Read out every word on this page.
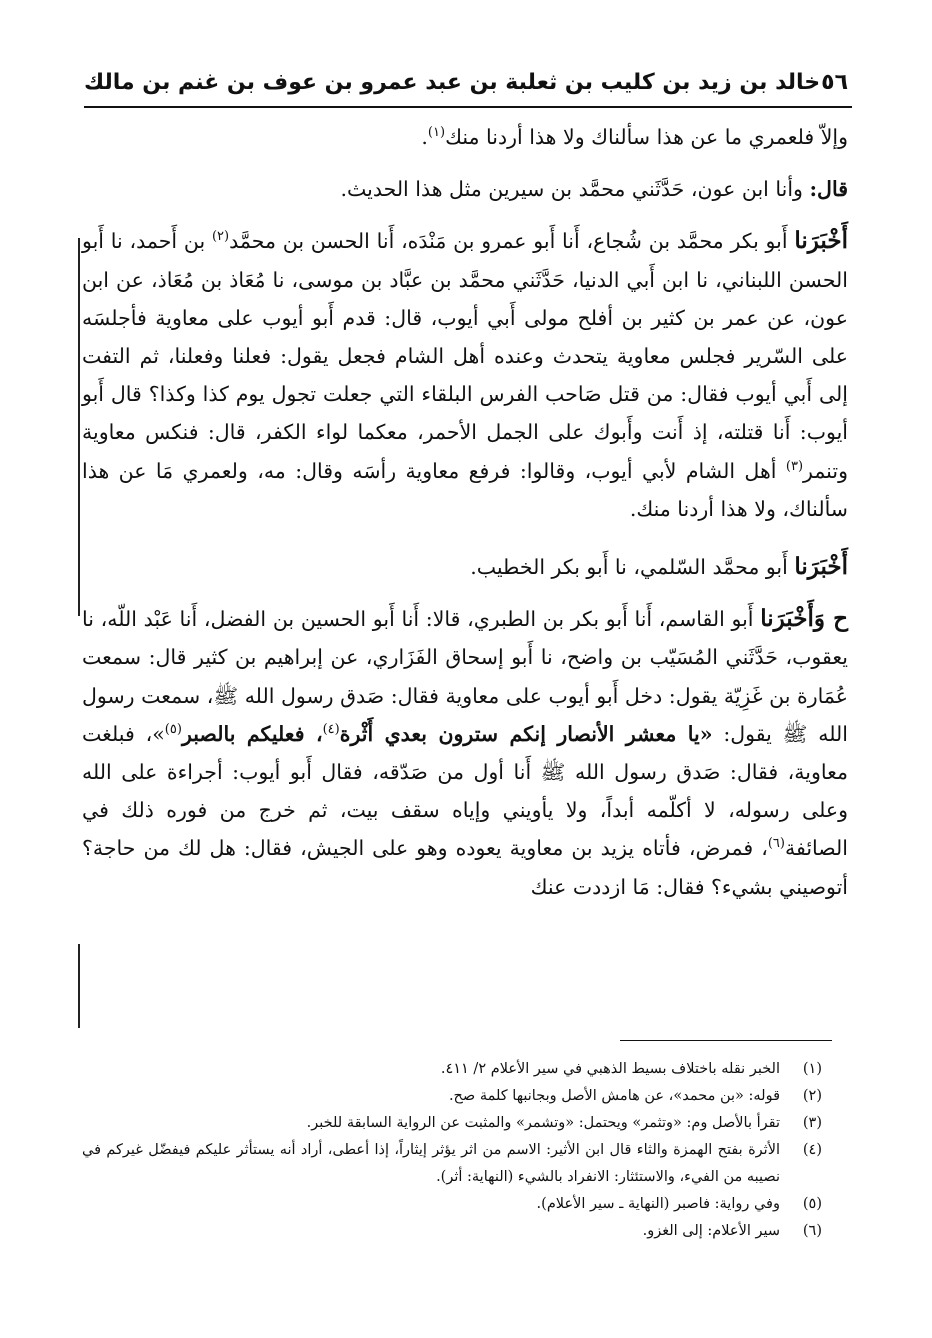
٥٦
خالد بن زيد بن كليب بن ثعلبة بن عبد عمرو بن عوف بن غنم بن مالك

وإلاّ فلعمري ما عن هذا سألناك ولا هذا أردنا منك$^{(١)}$.

قال: وأنا ابن عون، حَدَّثَني محمَّد بن سيرين مثل هذا الحديث.

أَخْبَرَنا أَبو بكر محمَّد بن شُجاع، أَنا أَبو عمرو بن مَنْدَه، أَنا الحسن بن محمَّد$^{(٢)}$ بن أَحمد، نا أَبو الحسن اللبناني، نا ابن أَبي الدنيا، حَدَّثَني محمَّد بن عبَّاد بن موسى، نا مُعَاذ بن مُعَاذ، عن ابن عون، عن عمر بن كثير بن أفلح مولى أَبي أيوب، قال: قدم أَبو أيوب على معاوية فأجلسَه على السّرير فجلس معاوية يتحدث وعنده أهل الشام فجعل يقول: فعلنا وفعلنا، ثم التفت إلى أَبي أيوب فقال: من قتل صَاحب الفرس البلقاء التي جعلت تجول يوم كذا وكذا؟ قال أَبو أيوب: أَنا قتلته، إذ أَنت وأَبوك على الجمل الأحمر، معكما لواء الكفر، قال: فنكس معاوية وتنمر$^{(٣)}$ أهل الشام لأبي أيوب، وقالوا: فرفع معاوية رأسَه وقال: مه، ولعمري مَا عن هذا سألناك، ولا هذا أردنا منك.

أَخْبَرَنا أَبو محمَّد السّلمي، نا أَبو بكر الخطيب.

ح وَأَخْبَرَنا أَبو القاسم، أَنا أَبو بكر بن الطبري، قالا: أَنا أَبو الحسين بن الفضل، أَنا عَبْد اللّه، نا يعقوب، حَدَّثَني المُسَيّب بن واضح، نا أَبو إسحاق الفَزَاري، عن إبراهيم بن كثير قال: سمعت عُمَارة بن غَزِيّة يقول: دخل أَبو أيوب على معاوية فقال: صَدق رسول الله ﷺ، سمعت رسول الله ﷺ يقول: «يا معشر الأنصار إنكم سترون بعدي أَثْرة$^{(٤)}$، فعليكم بالصبر$^{(٥)}$»، فبلغت معاوية، فقال: صَدق رسول الله ﷺ أَنا أول من صَدّقه، فقال أَبو أيوب: أجراءة على الله وعلى رسوله، لا أكلّمه أبداً، ولا يأويني وإياه سقف بيت، ثم خرج من فوره ذلك في الصائفة$^{(٦)}$، فمرض، فأتاه يزيد بن معاوية يعوده وهو على الجيش، فقال: هل لك من حاجة؟ أتوصيني بشيء؟ فقال: مَا ازددت عنك

(١)
الخبر نقله باختلاف بسيط الذهبي في سير الأعلام ٢/ ٤١١.
(٢)
قوله: «بن محمد»، عن هامش الأصل وبجانبها كلمة صح.
(٣)
تقرأ بالأصل وم: «وتثمر» ويحتمل: «وتشمر» والمثبت عن الرواية السابقة للخبر.
(٤)
الأثرة بفتح الهمزة والثاء قال ابن الأثير: الاسم من اثر يؤثر إيثاراً، إذا أعطى، أراد أنه يستأثر عليكم فيفضّل غيركم في نصيبه من الفيء، والاستئثار: الانفراد بالشيء (النهاية: أثر).
(٥)
وفي رواية: فاصبر (النهاية ـ سير الأعلام).
(٦)
سير الأعلام: إلى الغزو.
